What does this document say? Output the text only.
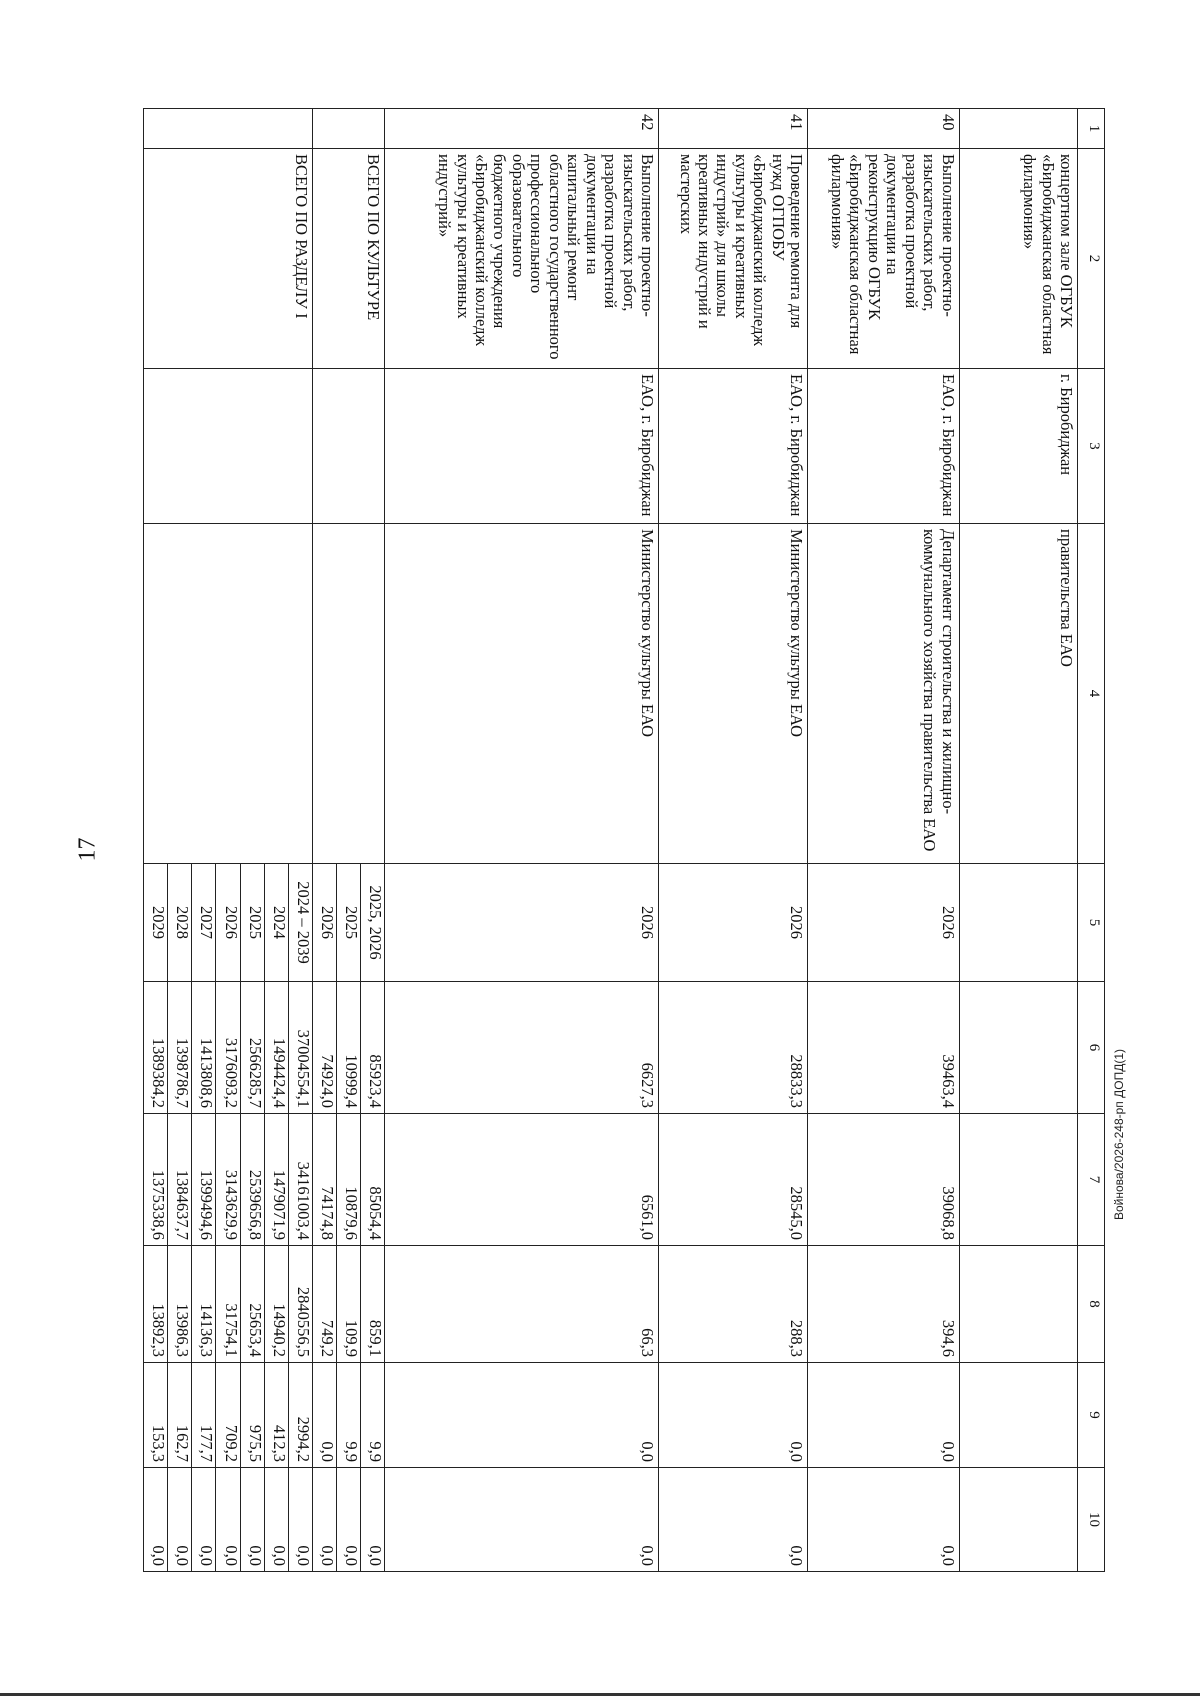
17
1	2	3	4	5	6	7	8	9	10
	концертном зале ОГБУК «Биробиджанская областная филармония»	г. Биробиджан	правительства ЕАО						
40	Выполнение проектно-изыскательских работ, разработка проектной документации на реконструкцию ОГБУК «Биробиджанская областная филармония»	ЕАО, г. Биробиджан	Департамент строительства и жилищно-коммунального хозяйства правительства ЕАО	2026	39463,4	39068,8	394,6	0,0	0,0
41	Проведение ремонта для нужд ОГПОБУ «Биробиджанский колледж культуры и креативных индустрий» для школы креативных индустрий и мастерских	ЕАО, г. Биробиджан	Министерство культуры ЕАО	2026	28833,3	28545,0	288,3	0,0	0,0
42	Выполнение проектно-изыскательских работ, разработка проектной документации на капитальный ремонт областного государственного профессионального образовательного бюджетного учреждения «Биробиджанский колледж культуры и креативных индустрий»	ЕАО, г. Биробиджан	Министерство культуры ЕАО	2026	6627,3	6561,0	66,3	0,0	0,0
	ВСЕГО ПО КУЛЬТУРЕ			2025, 2026	85923,4	85054,4	859,1	9,9	0,0
				2025	10999,4	10879,6	109,9	9,9	0,0
				2026	74924,0	74174,8	749,2	0,0	0,0
	ВСЕГО ПО РАЗДЕЛУ I			2024 – 2039	37004554,1	34161003,4	2840556,5	2994,2	0,0
				2024	1494424,4	1479071,9	14940,2	412,3	0,0
				2025	2566285,7	2539656,8	25653,4	975,5	0,0
				2026	3176093,2	3143629,9	31754,1	709,2	0,0
				2027	1413808,6	1399494,6	14136,3	177,7	0,0
				2028	1398786,7	1384637,7	13986,3	162,7	0,0
				2029	1389384,2	1375338,6	13892,3	153,3	0,0
Войнова/2026-248-рп ДОПД(1)
